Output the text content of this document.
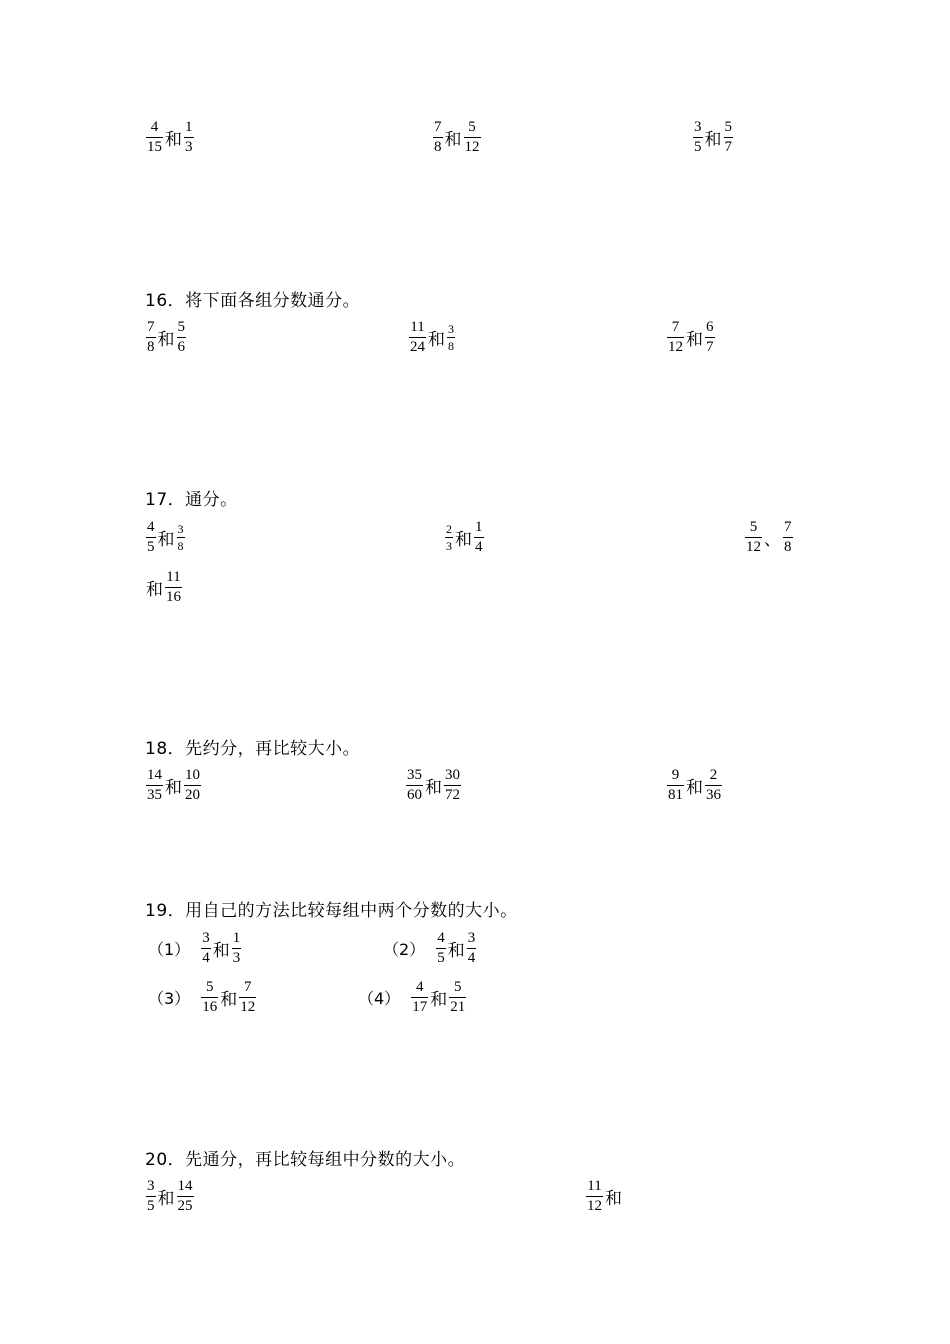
$\frac{4}{15}$ 和 $\frac{1}{3}$	$\frac{7}{8}$ 和 $\frac{5}{12}$	$\frac{3}{5}$ 和 $\frac{5}{7}$
16．将下面各组分数通分。
$\frac{7}{8}$ 和 $\frac{5}{6}$	$\frac{11}{24}$ 和 $\frac{3}{8}$	$\frac{7}{12}$ 和 $\frac{6}{7}$
17．通分。
$\frac{4}{5}$ 和 $\frac{3}{8}$	$\frac{2}{3}$ 和 $\frac{1}{4}$	$\frac{5}{12}$ 、 $\frac{7}{8}$
和 $\frac{11}{16}$
18．先约分，再比较大小。
$\frac{14}{35}$ 和 $\frac{10}{20}$	$\frac{35}{60}$ 和 $\frac{30}{72}$	$\frac{9}{81}$ 和 $\frac{2}{36}$
19．用自己的方法比较每组中两个分数的大小。
$(1) \frac{3}{4}$ 和 $\frac{1}{3}$	$(2) \frac{4}{5}$ 和 $\frac{3}{4}$
$(3) \frac{5}{16}$ 和 $\frac{7}{12}$	$(4) \frac{4}{17}$ 和 $\frac{5}{21}$
20．先通分，再比较每组中分数的大小。
$\frac{3}{5}$ 和 $\frac{14}{25}$	$\frac{11}{12}$ 和
